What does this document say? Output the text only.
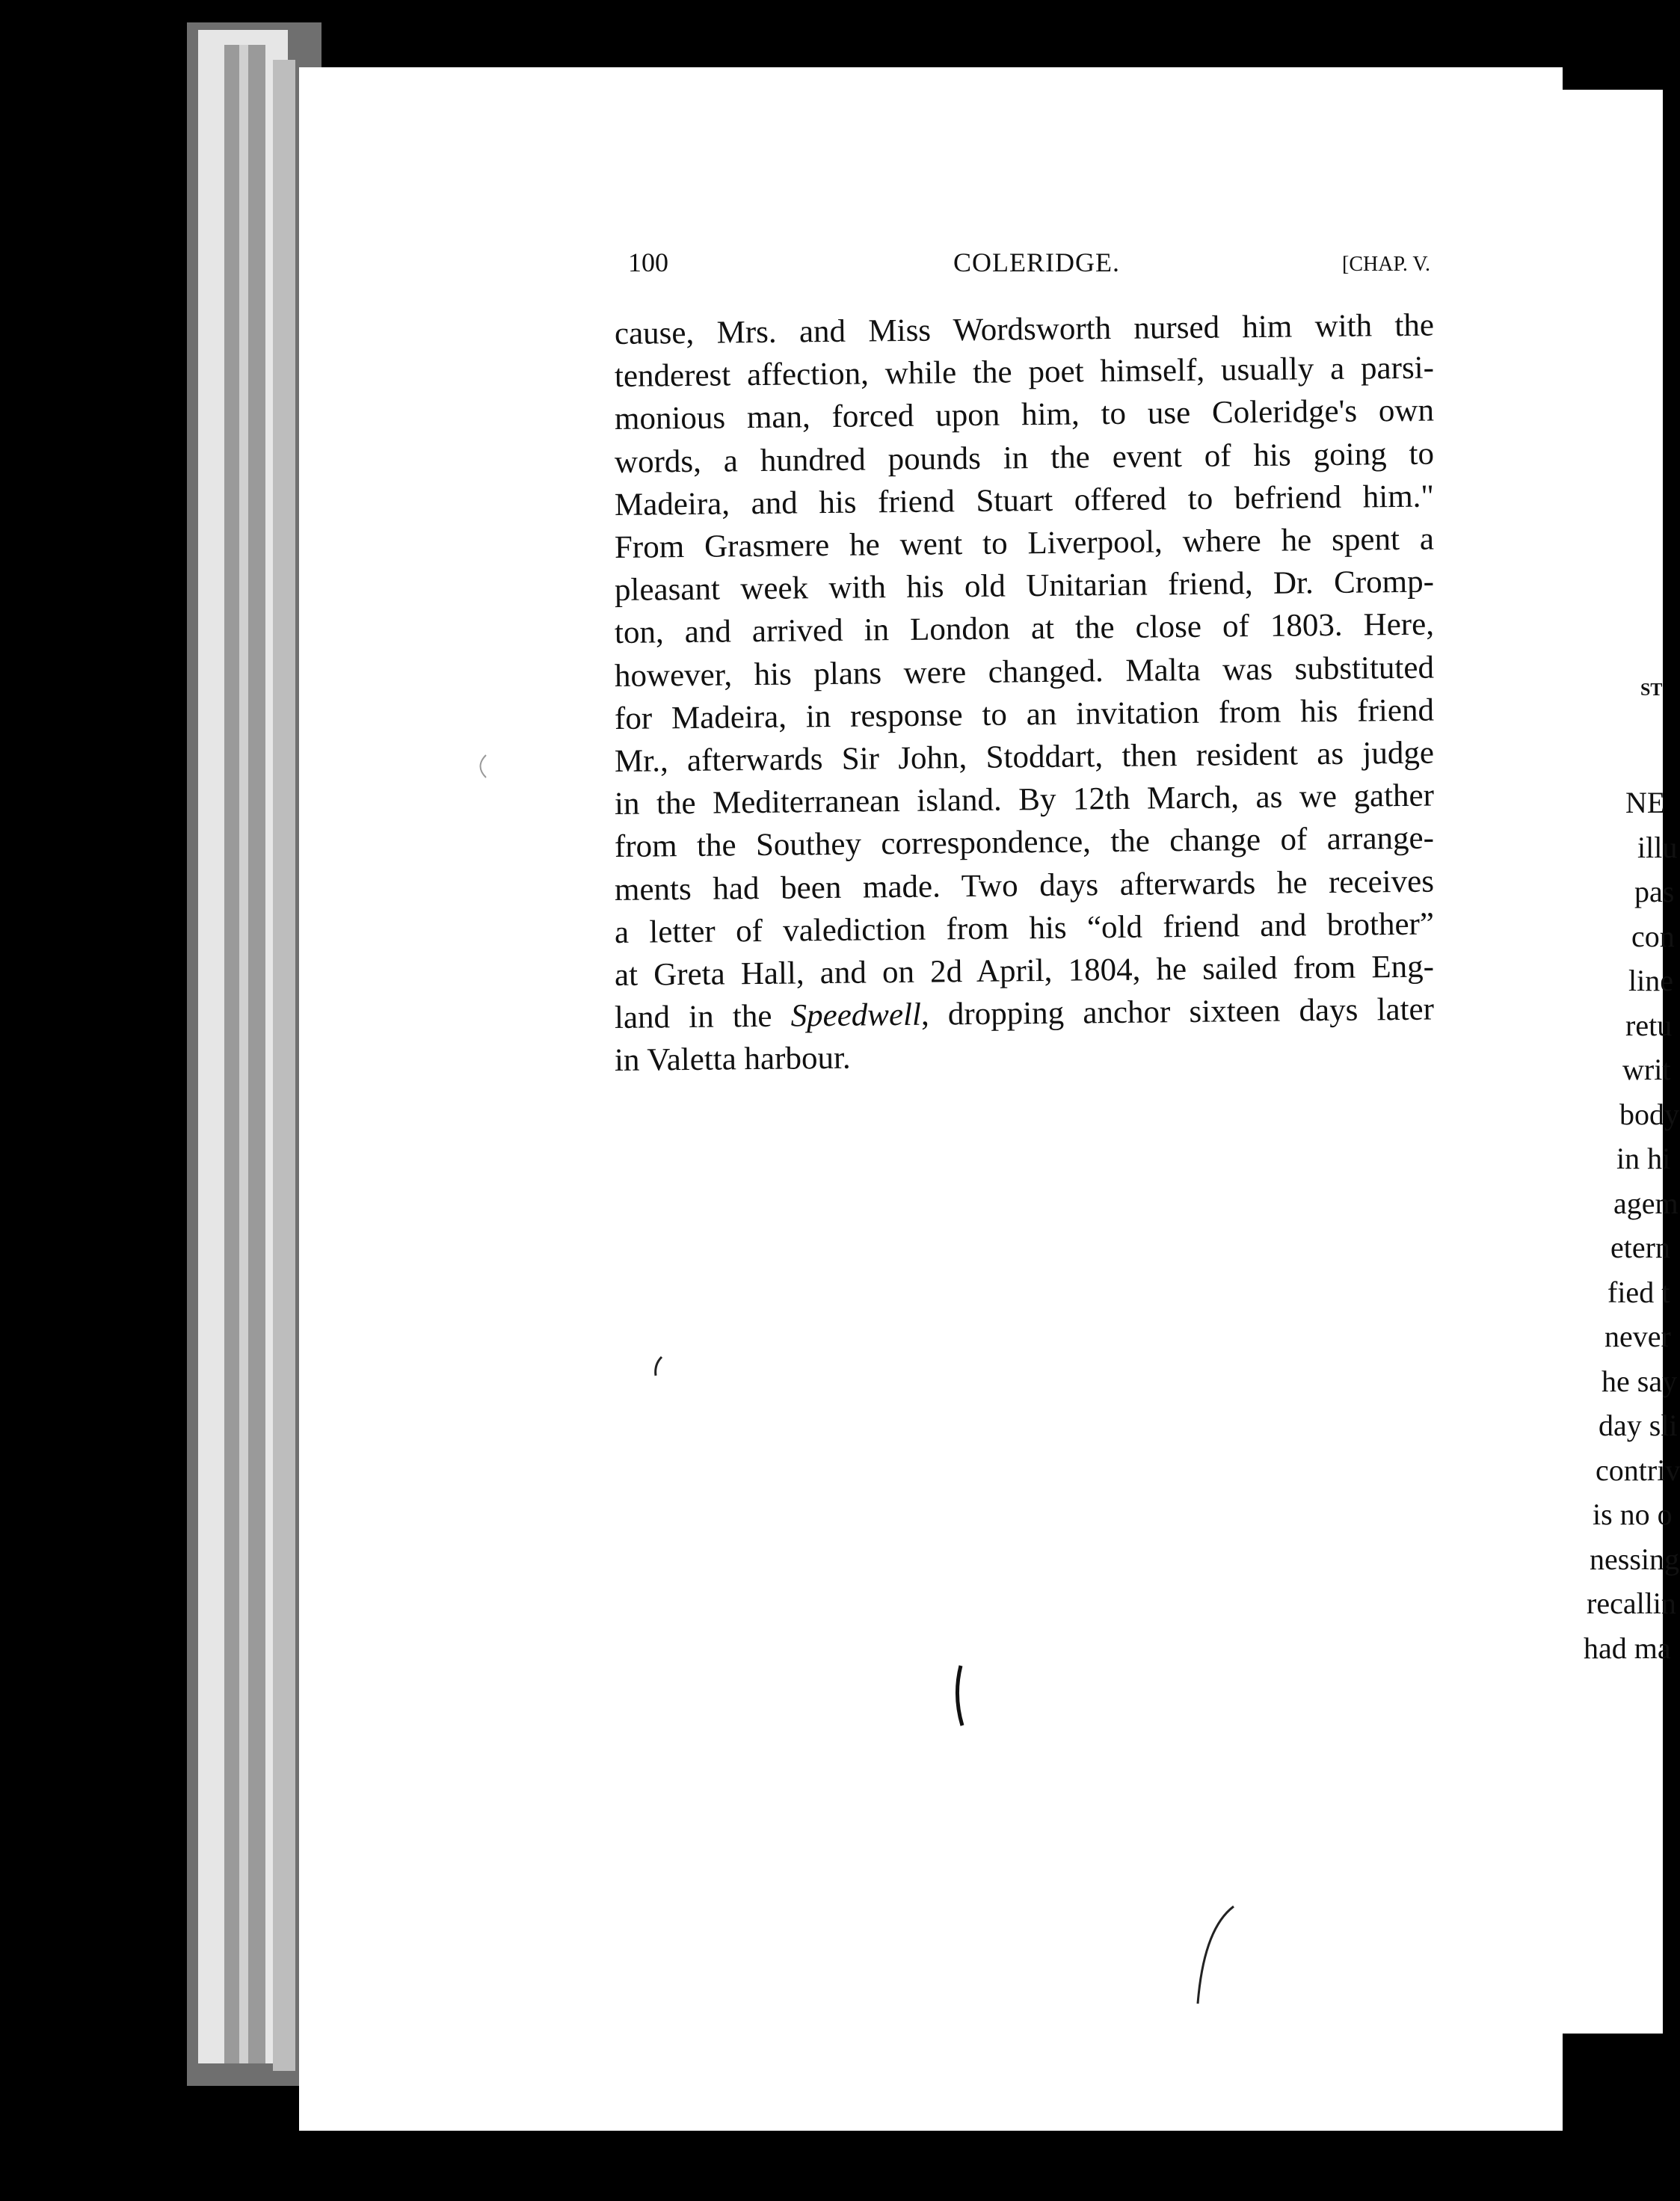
100	COLERIDGE.	[CHAP. V.
cause, Mrs. and Miss Wordsworth nursed him with the
tenderest affection, while the poet himself, usually a parsi-
monious man, forced upon him, to use Coleridge's own
words, a hundred pounds in the event of his going to
Madeira, and his friend Stuart offered to befriend him."
From Grasmere he went to Liverpool, where he spent a
pleasant week with his old Unitarian friend, Dr. Cromp-
ton, and arrived in London at the close of 1803. Here,
however, his plans were changed. Malta was substituted
for Madeira, in response to an invitation from his friend
Mr., afterwards Sir John, Stoddart, then resident as judge
in the Mediterranean island. By 12th March, as we gather
from the Southey correspondence, the change of arrange-
ments had been made. Two days afterwards he receives
a letter of valediction from his “old friend and brother”
at Greta Hall, and on 2d April, 1804, he sailed from Eng-
land in the Speedwell, dropping anchor sixteen days later
in Valetta harbour.
ST
NE
illu
pas
con
line
retu
writ
body
in hi
agem
etern
fied t
never
he say
day sli
contriv
is no o
nessing
recallin
had ma
